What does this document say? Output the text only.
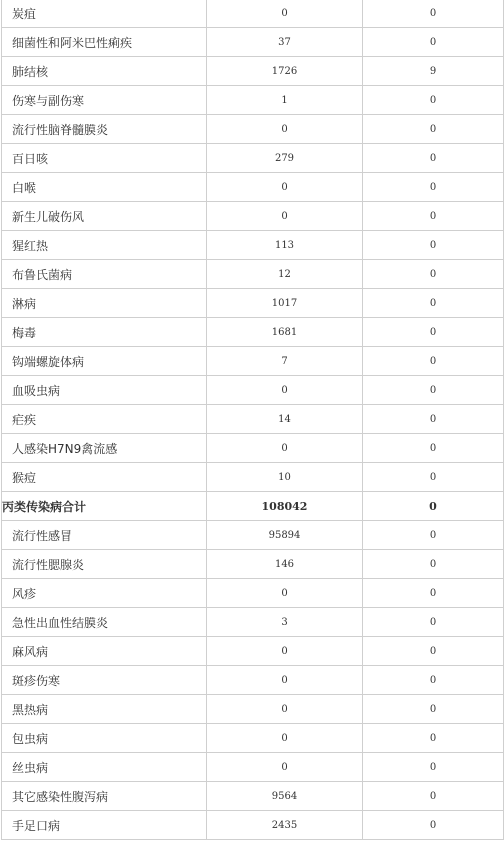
炭疽	0	0
细菌性和阿米巴性痢疾	37	0
肺结核	1726	9
伤寒与副伤寒	1	0
流行性脑脊髓膜炎	0	0
百日咳	279	0
白喉	0	0
新生儿破伤风	0	0
猩红热	113	0
布鲁氏菌病	12	0
淋病	1017	0
梅毒	1681	0
钩端螺旋体病	7	0
血吸虫病	0	0
疟疾	14	0
人感染H7N9禽流感	0	0
猴痘	10	0
丙类传染病合计	108042	0
流行性感冒	95894	0
流行性腮腺炎	146	0
风疹	0	0
急性出血性结膜炎	3	0
麻风病	0	0
斑疹伤寒	0	0
黑热病	0	0
包虫病	0	0
丝虫病	0	0
其它感染性腹泻病	9564	0
手足口病	2435	0
